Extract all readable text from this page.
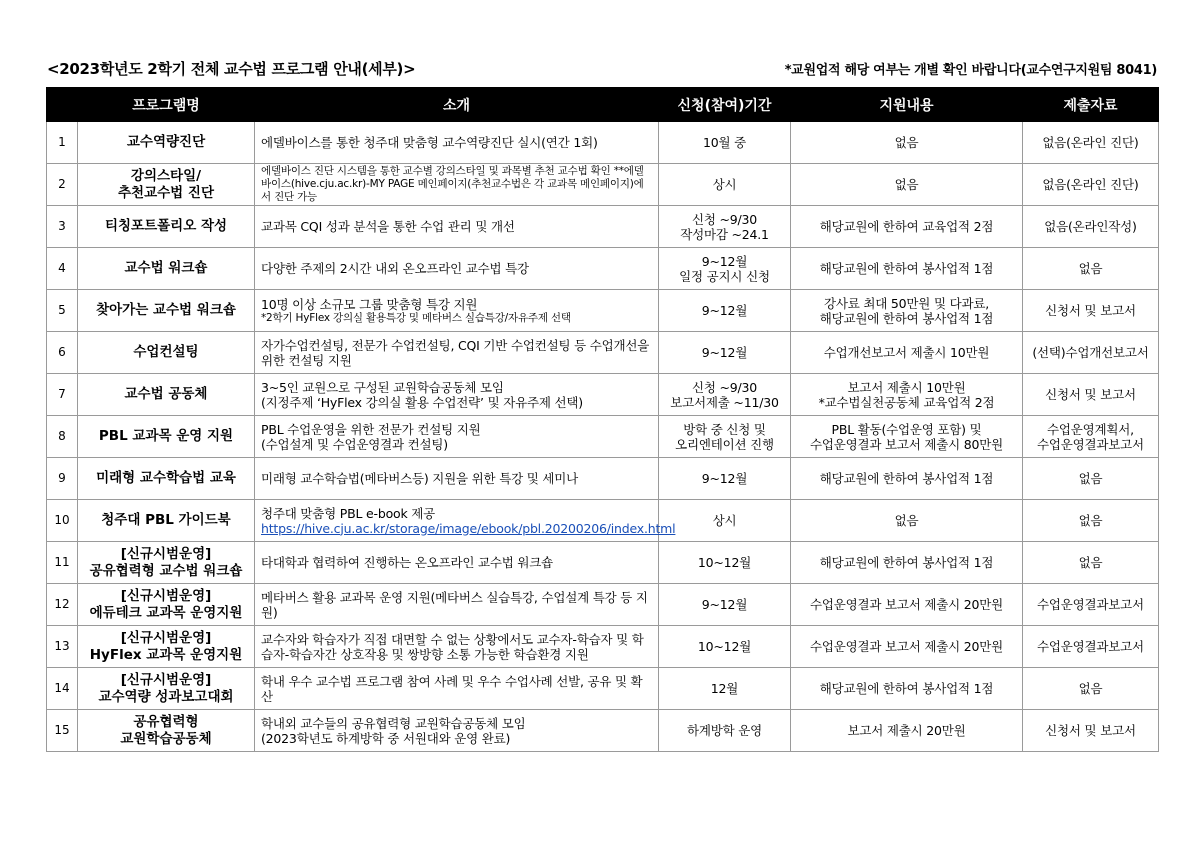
<2023학년도 2학기 전체 교수법 프로그램 안내(세부)>	*교원업적 해당 여부는 개별 확인 바랍니다(교수연구지원팀 8041)
	프로그램명	소개	신청(참여)기간	지원내용	제출자료
1	교수역량진단	에델바이스를 통한 청주대 맞춤형 교수역량진단 실시(연간 1회)	10월 중	없음	없음(온라인 진단)
2	강의스타일/
추천교수법 진단	에델바이스 진단 시스템을 통한 교수별 강의스타일 및 과목별 추천 교수법 확인 **에델바이스(hive.cju.ac.kr)-MY PAGE 메인페이지(추천교수법은 각 교과목 메인페이지)에서 진단 가능	상시	없음	없음(온라인 진단)
3	티칭포트폴리오 작성	교과목 CQI 성과 분석을 통한 수업 관리 및 개선	신청 ~9/30
작성마감 ~24.1	해당교원에 한하여 교육업적 2점	없음(온라인작성)
4	교수법 워크숍	다양한 주제의 2시간 내외 온오프라인 교수법 특강	9~12월
일정 공지시 신청	해당교원에 한하여 봉사업적 1점	없음
5	찾아가는 교수법 워크숍	10명 이상 소규모 그룹 맞춤형 특강 지원
*2학기 HyFlex 강의실 활용특강 및 메타버스 실습특강/자유주제 선택	9~12월	강사료 최대 50만원 및 다과료,
해당교원에 한하여 봉사업적 1점	신청서 및 보고서
6	수업컨설팅	자가수업컨설팅, 전문가 수업컨설팅, CQI 기반 수업컨설팅 등 수업개선을 위한 컨설팅 지원	9~12월	수업개선보고서 제출시 10만원	(선택)수업개선보고서
7	교수법 공동체	3~5인 교원으로 구성된 교원학습공동체 모임
(지정주제 ‘HyFlex 강의실 활용 수업전략’ 및 자유주제 선택)	신청 ~9/30
보고서제출 ~11/30	보고서 제출시 10만원
*교수법실천공동체 교육업적 2점	신청서 및 보고서
8	PBL 교과목 운영 지원	PBL 수업운영을 위한 전문가 컨설팅 지원
(수업설계 및 수업운영결과 컨설팅)	방학 중 신청 및
오리엔테이션 진행	PBL 활동(수업운영 포함) 및
수업운영결과 보고서 제출시 80만원	수업운영계획서,
수업운영결과보고서
9	미래형 교수학습법 교육	미래형 교수학습법(메타버스등) 지원을 위한 특강 및 세미나	9~12월	해당교원에 한하여 봉사업적 1점	없음
10	청주대 PBL 가이드북	청주대 맞춤형 PBL e-book 제공
https://hive.cju.ac.kr/storage/image/ebook/pbl.20200206/index.html	상시	없음	없음
11	[신규시범운영]
공유협력형 교수법 워크숍	타대학과 협력하여 진행하는 온오프라인 교수법 워크숍	10~12월	해당교원에 한하여 봉사업적 1점	없음
12	[신규시범운영]
에듀테크 교과목 운영지원	메타버스 활용 교과목 운영 지원(메타버스 실습특강, 수업설계 특강 등 지원)	9~12월	수업운영결과 보고서 제출시 20만원	수업운영결과보고서
13	[신규시범운영]
HyFlex 교과목 운영지원	교수자와 학습자가 직접 대면할 수 없는 상황에서도 교수자-학습자 및 학습자-학습자간 상호작용 및 쌍방향 소통 가능한 학습환경 지원	10~12월	수업운영결과 보고서 제출시 20만원	수업운영결과보고서
14	[신규시범운영]
교수역량 성과보고대회	학내 우수 교수법 프로그램 참여 사례 및 우수 수업사례 선발, 공유 및 확산	12월	해당교원에 한하여 봉사업적 1점	없음
15	공유협력형
교원학습공동체	학내외 교수들의 공유협력형 교원학습공동체 모임
(2023학년도 하계방학 중 서원대와 운영 완료)	하계방학 운영	보고서 제출시 20만원	신청서 및 보고서
